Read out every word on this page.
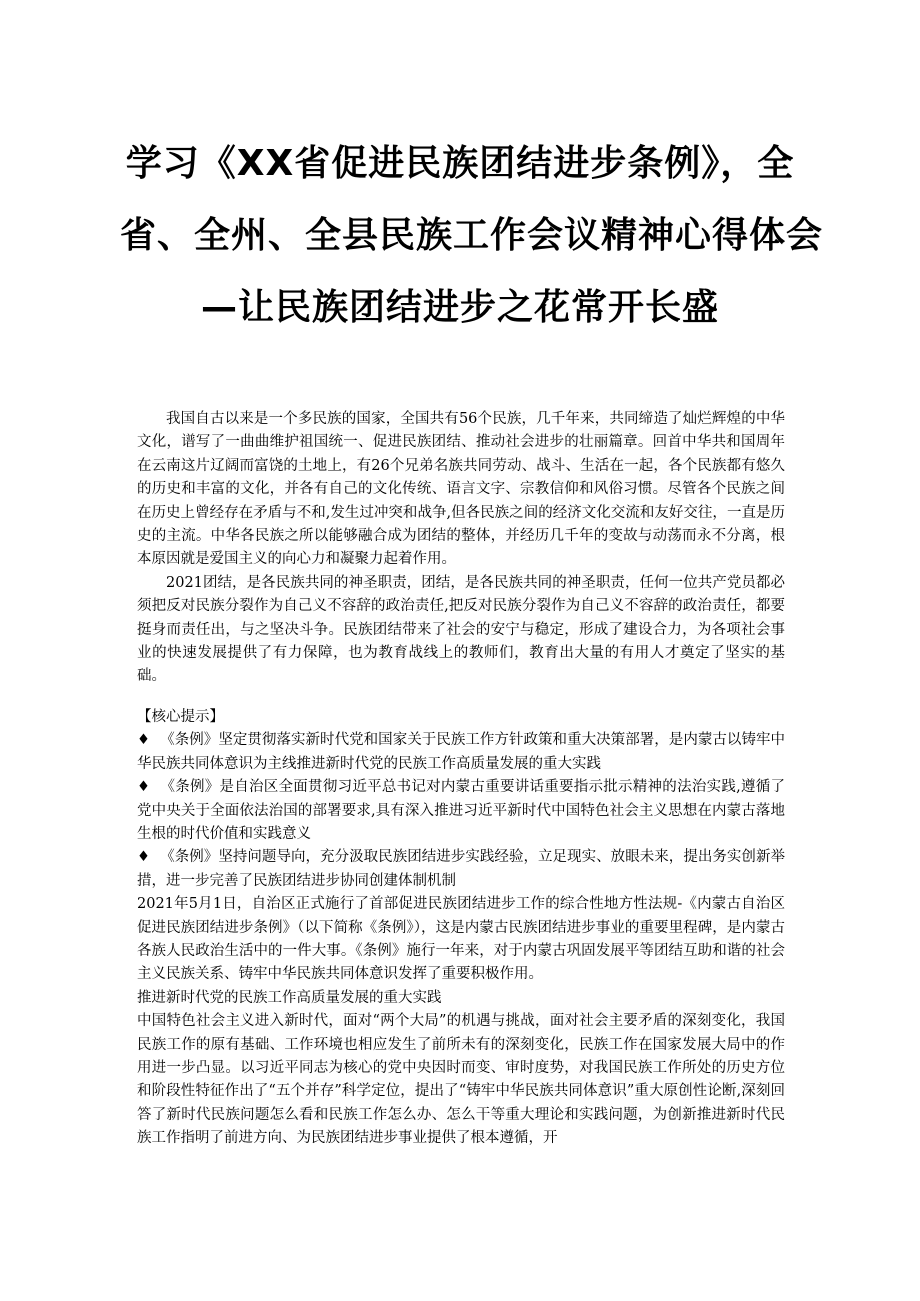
学习《XX省促进民族团结进步条例》，全
省、全州、全县民族工作会议精神心得体会
—让民族团结进步之花常开长盛

我国自古以来是一个多民族的国家，全国共有56个民族，几千年来，共同缔造了灿烂辉煌的中华文化，谱写了一曲曲维护祖国统一、促进民族团结、推动社会进步的壮丽篇章。回首中华共和国周年在云南这片辽阔而富饶的土地上，有26个兄弟名族共同劳动、战斗、生活在一起，各个民族都有悠久的历史和丰富的文化，并各有自己的文化传统、语言文字、宗教信仰和风俗习惯。尽管各个民族之间在历史上曾经存在矛盾与不和,发生过冲突和战争,但各民族之间的经济文化交流和友好交往，一直是历史的主流。中华各民族之所以能够融合成为团结的整体，并经历几千年的变故与动荡而永不分离，根本原因就是爱国主义的向心力和凝聚力起着作用。

2021团结，是各民族共同的神圣职责，团结，是各民族共同的神圣职责，任何一位共产党员都必须把反对民族分裂作为自己义不容辞的政治责任,把反对民族分裂作为自己义不容辞的政治责任，都要挺身而责任出，与之坚决斗争。民族团结带来了社会的安宁与稳定，形成了建设合力，为各项社会事业的快速发展提供了有力保障，也为教育战线上的教师们，教育出大量的有用人才奠定了坚实的基础。

【核心提示】

♦ 《条例》坚定贯彻落实新时代党和国家关于民族工作方针政策和重大决策部署，是内蒙古以铸牢中华民族共同体意识为主线推进新时代党的民族工作高质量发展的重大实践

♦ 《条例》是自治区全面贯彻习近平总书记对内蒙古重要讲话重要指示批示精神的法治实践,遵循了党中央关于全面依法治国的部署要求,具有深入推进习近平新时代中国特色社会主义思想在内蒙古落地生根的时代价值和实践意义

♦ 《条例》坚持问题导向，充分汲取民族团结进步实践经验，立足现实、放眼未来，提出务实创新举措，进一步完善了民族团结进步协同创建体制机制

2021年5月1日，自治区正式施行了首部促进民族团结进步工作的综合性地方性法规-《内蒙古自治区促进民族团结进步条例》（以下简称《条例》），这是内蒙古民族团结进步事业的重要里程碑，是内蒙古各族人民政治生活中的一件大事。《条例》施行一年来，对于内蒙古巩固发展平等团结互助和谐的社会主义民族关系、铸牢中华民族共同体意识发挥了重要积极作用。

推进新时代党的民族工作高质量发展的重大实践

中国特色社会主义进入新时代，面对“两个大局”的机遇与挑战，面对社会主要矛盾的深刻变化，我国民族工作的原有基础、工作环境也相应发生了前所未有的深刻变化，民族工作在国家发展大局中的作用进一步凸显。以习近平同志为核心的党中央因时而变、审时度势，对我国民族工作所处的历史方位和阶段性特征作出了“五个并存”科学定位，提出了“铸牢中华民族共同体意识”重大原创性论断,深刻回答了新时代民族问题怎么看和民族工作怎么办、怎么干等重大理论和实践问题，为创新推进新时代民族工作指明了前进方向、为民族团结进步事业提供了根本遵循，开
